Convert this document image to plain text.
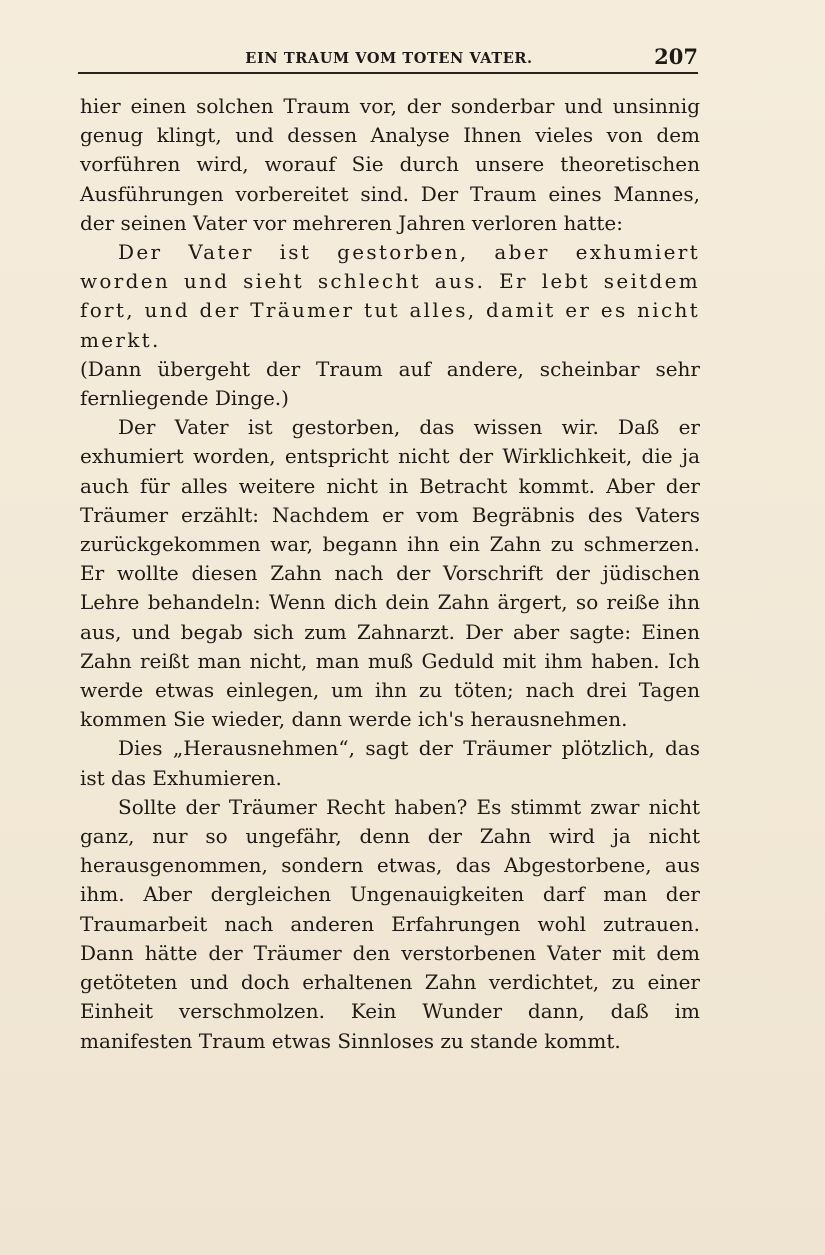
EIN TRAUM VOM TOTEN VATER.	207

hier einen solchen Traum vor, der sonderbar und unsinnig genug klingt, und dessen Analyse Ihnen vieles von dem vorführen wird, worauf Sie durch unsere theoretischen Ausführungen vorbereitet sind. Der Traum eines Mannes, der seinen Vater vor mehreren Jahren verloren hatte:

Der Vater ist gestorben, aber exhumiert worden und sieht schlecht aus. Er lebt seitdem fort, und der Träumer tut alles, damit er es nicht merkt.

(Dann übergeht der Traum auf andere, scheinbar sehr fernliegende Dinge.)

Der Vater ist gestorben, das wissen wir. Daß er exhumiert worden, entspricht nicht der Wirklichkeit, die ja auch für alles weitere nicht in Betracht kommt. Aber der Träumer erzählt: Nachdem er vom Begräbnis des Vaters zurückgekommen war, begann ihn ein Zahn zu schmerzen. Er wollte diesen Zahn nach der Vorschrift der jüdischen Lehre behandeln: Wenn dich dein Zahn ärgert, so reiße ihn aus, und begab sich zum Zahnarzt. Der aber sagte: Einen Zahn reißt man nicht, man muß Geduld mit ihm haben. Ich werde etwas einlegen, um ihn zu töten; nach drei Tagen kommen Sie wieder, dann werde ich's herausnehmen.

Dies „Herausnehmen“, sagt der Träumer plötzlich, das ist das Exhumieren.

Sollte der Träumer Recht haben? Es stimmt zwar nicht ganz, nur so ungefähr, denn der Zahn wird ja nicht herausgenommen, sondern etwas, das Abgestorbene, aus ihm. Aber dergleichen Ungenauigkeiten darf man der Traumarbeit nach anderen Erfahrungen wohl zutrauen. Dann hätte der Träumer den verstorbenen Vater mit dem getöteten und doch erhaltenen Zahn verdichtet, zu einer Einheit verschmolzen. Kein Wunder dann, daß im manifesten Traum etwas Sinnloses zu stande kommt.
